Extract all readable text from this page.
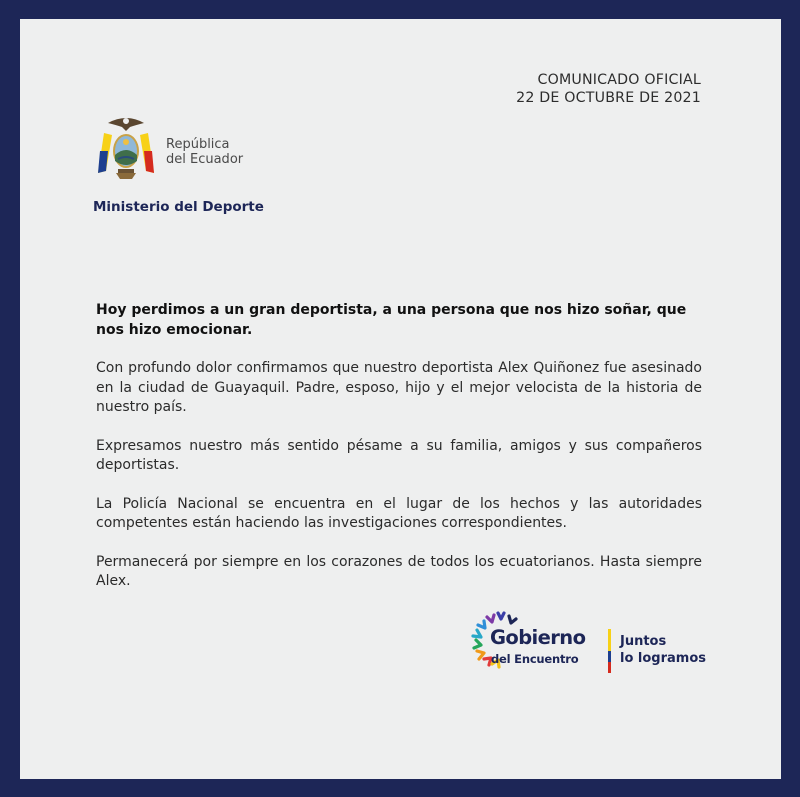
COMUNICADO OFICIAL
22 DE OCTUBRE DE 2021
República
del Ecuador
Ministerio del Deporte

Hoy perdimos a un gran deportista, a una persona que nos hizo soñar, que nos hizo emocionar.

Con profundo dolor confirmamos que nuestro deportista Alex Quiñonez fue asesinado en la ciudad de Guayaquil. Padre, esposo, hijo y el mejor velocista de la historia de nuestro país.

Expresamos nuestro más sentido pésame a su familia, amigos y sus compañeros deportistas.

La Policía Nacional se encuentra en el lugar de los hechos y las autoridades competentes están haciendo las investigaciones correspondientes.

Permanecerá por siempre en los corazones de todos los ecuatorianos. Hasta siempre Alex.

Gobierno
del Encuentro
Juntos
lo logramos
